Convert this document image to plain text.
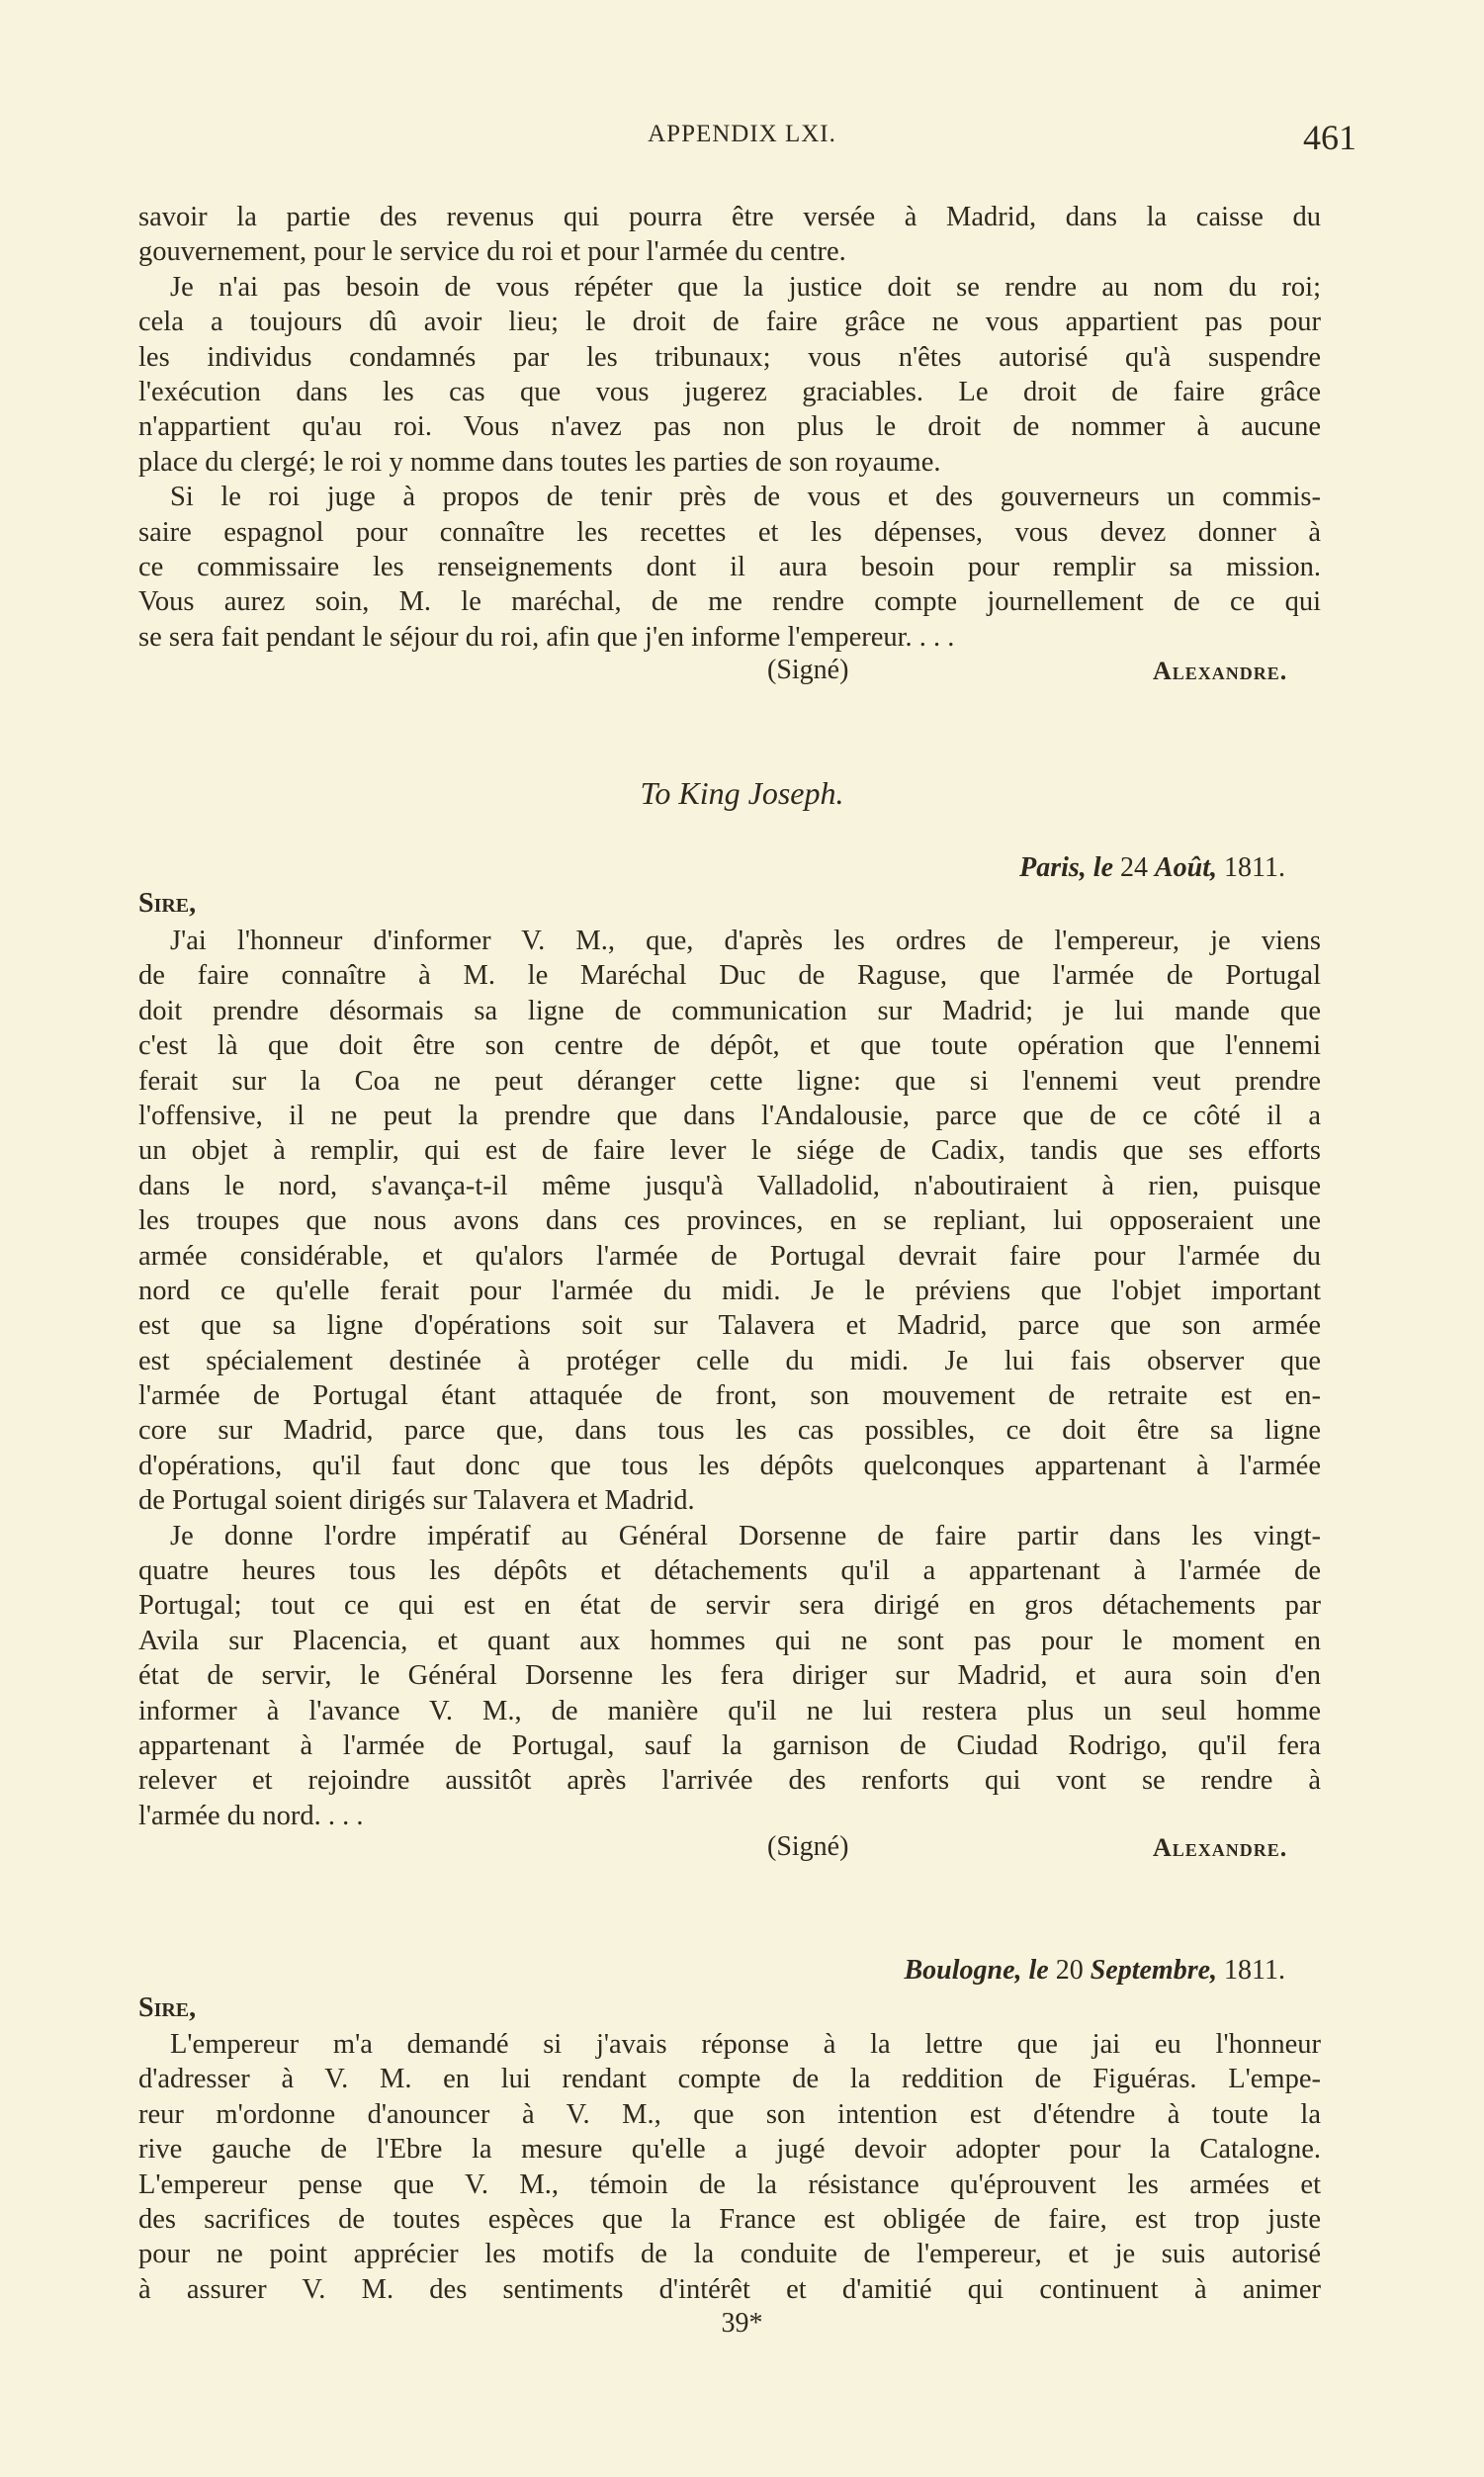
APPENDIX LXI.	461
savoir la partie des revenus qui pourra être versée à Madrid, dans la caisse du
gouvernement, pour le service du roi et pour l'armée du centre.
Je n'ai pas besoin de vous répéter que la justice doit se rendre au nom du roi;
cela a toujours dû avoir lieu; le droit de faire grâce ne vous appartient pas pour
les individus condamnés par les tribunaux; vous n'êtes autorisé qu'à suspendre
l'exécution dans les cas que vous jugerez graciables. Le droit de faire grâce
n'appartient qu'au roi. Vous n'avez pas non plus le droit de nommer à aucune
place du clergé; le roi y nomme dans toutes les parties de son royaume.
Si le roi juge à propos de tenir près de vous et des gouverneurs un commis-
saire espagnol pour connaître les recettes et les dépenses, vous devez donner à
ce commissaire les renseignements dont il aura besoin pour remplir sa mission.
Vous aurez soin, M. le maréchal, de me rendre compte journellement de ce qui
se sera fait pendant le séjour du roi, afin que j'en informe l'empereur. . . .
(Signé)	Alexandre.
To King Joseph.
Paris, le 24 Août, 1811.
Sire,
J'ai l'honneur d'informer V. M., que, d'après les ordres de l'empereur, je viens
de faire connaître à M. le Maréchal Duc de Raguse, que l'armée de Portugal
doit prendre désormais sa ligne de communication sur Madrid; je lui mande que
c'est là que doit être son centre de dépôt, et que toute opération que l'ennemi
ferait sur la Coa ne peut déranger cette ligne: que si l'ennemi veut prendre
l'offensive, il ne peut la prendre que dans l'Andalousie, parce que de ce côté il a
un objet à remplir, qui est de faire lever le siége de Cadix, tandis que ses efforts
dans le nord, s'avança-t-il même jusqu'à Valladolid, n'aboutiraient à rien, puisque
les troupes que nous avons dans ces provinces, en se repliant, lui opposeraient une
armée considérable, et qu'alors l'armée de Portugal devrait faire pour l'armée du
nord ce qu'elle ferait pour l'armée du midi. Je le préviens que l'objet important
est que sa ligne d'opérations soit sur Talavera et Madrid, parce que son armée
est spécialement destinée à protéger celle du midi. Je lui fais observer que
l'armée de Portugal étant attaquée de front, son mouvement de retraite est en-
core sur Madrid, parce que, dans tous les cas possibles, ce doit être sa ligne
d'opérations, qu'il faut donc que tous les dépôts quelconques appartenant à l'armée
de Portugal soient dirigés sur Talavera et Madrid.
Je donne l'ordre impératif au Général Dorsenne de faire partir dans les vingt-
quatre heures tous les dépôts et détachements qu'il a appartenant à l'armée de
Portugal; tout ce qui est en état de servir sera dirigé en gros détachements par
Avila sur Placencia, et quant aux hommes qui ne sont pas pour le moment en
état de servir, le Général Dorsenne les fera diriger sur Madrid, et aura soin d'en
informer à l'avance V. M., de manière qu'il ne lui restera plus un seul homme
appartenant à l'armée de Portugal, sauf la garnison de Ciudad Rodrigo, qu'il fera
relever et rejoindre aussitôt après l'arrivée des renforts qui vont se rendre à
l'armée du nord. . . .
(Signé)	Alexandre.
Boulogne, le 20 Septembre, 1811.
Sire,
L'empereur m'a demandé si j'avais réponse à la lettre que jai eu l'honneur
d'adresser à V. M. en lui rendant compte de la reddition de Figuéras. L'empe-
reur m'ordonne d'anouncer à V. M., que son intention est d'étendre à toute la
rive gauche de l'Ebre la mesure qu'elle a jugé devoir adopter pour la Catalogne.
L'empereur pense que V. M., témoin de la résistance qu'éprouvent les armées et
des sacrifices de toutes espèces que la France est obligée de faire, est trop juste
pour ne point apprécier les motifs de la conduite de l'empereur, et je suis autorisé
à assurer V. M. des sentiments d'intérêt et d'amitié qui continuent à animer
39*
